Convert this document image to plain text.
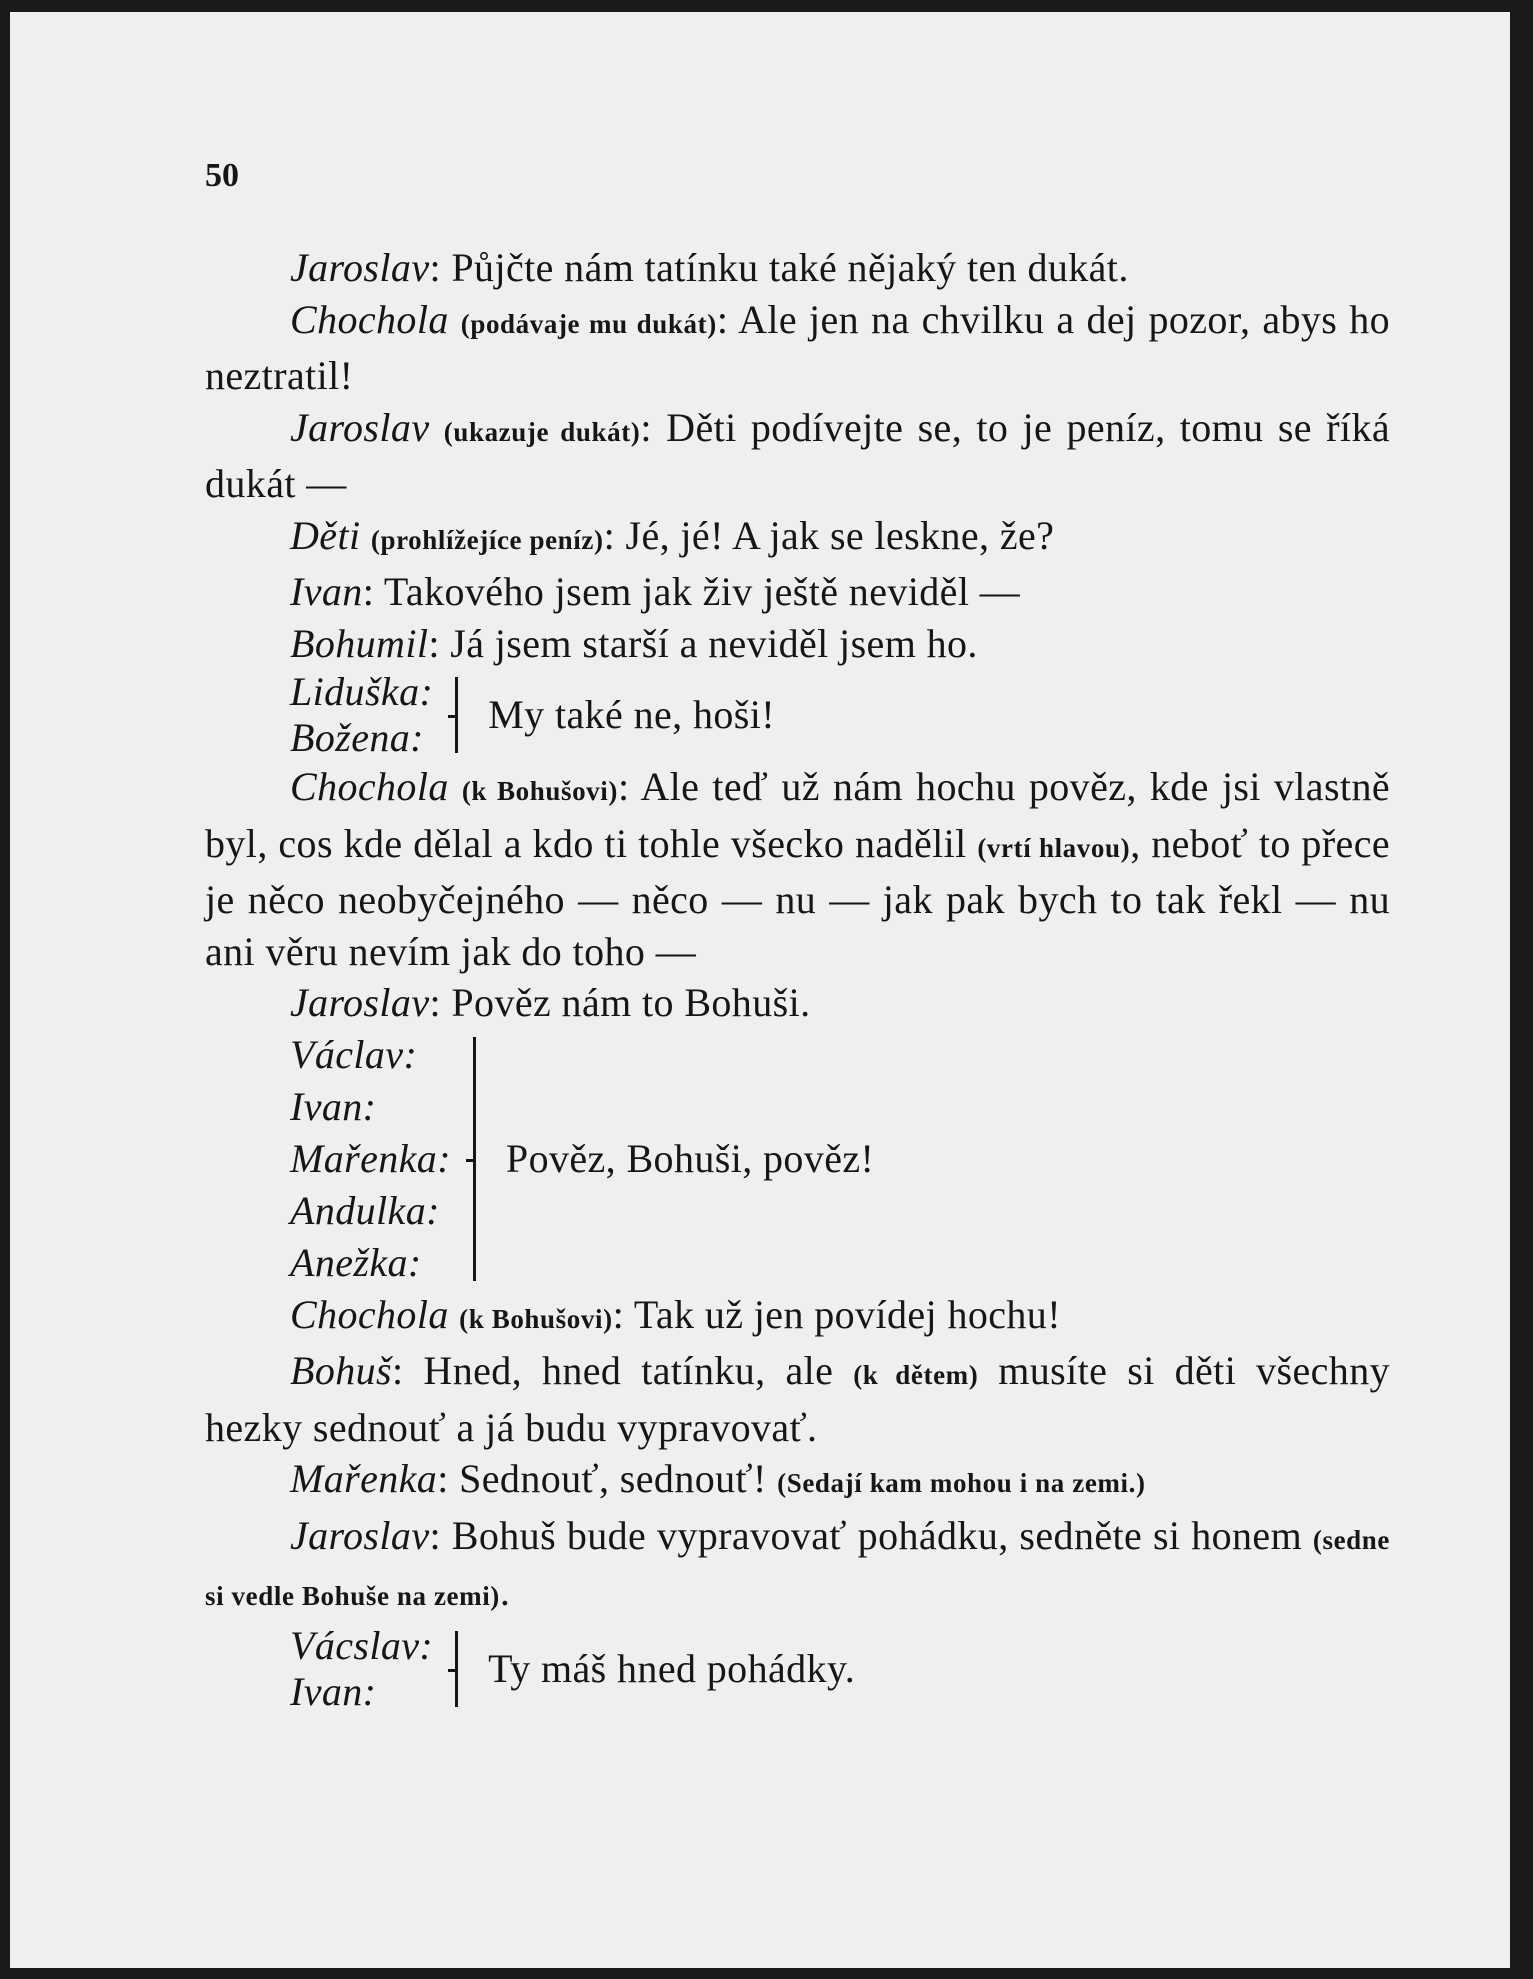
50

Jaroslav: Půjčte nám tatínku také nějaký ten dukát.

Chochola (podávaje mu dukát): Ale jen na chvilku a dej pozor, abys ho neztratil!

Jaroslav (ukazuje dukát): Děti podívejte se, to je peníz, tomu se říká dukát —

Děti (prohlížejíce peníz): Jé, jé! A jak se leskne, že?

Ivan: Takového jsem jak živ ještě neviděl —

Bohumil: Já jsem starší a neviděl jsem ho.

Liduška:
Božena:
My také ne, hoši!

Chochola (k Bohušovi): Ale teď už nám hochu pověz, kde jsi vlastně byl, cos kde dělal a kdo ti tohle všecko nadělil (vrtí hlavou), neboť to přece je něco neobyčejného — něco — nu — jak pak bych to tak řekl — nu ani věru nevím jak do toho —

Jaroslav: Pověz nám to Bohuši.

Václav:
Ivan:
Mařenka:
Andulka:
Anežka:
Pověz, Bohuši, pověz!

Chochola (k Bohušovi): Tak už jen povídej hochu!

Bohuš: Hned, hned tatínku, ale (k dětem) musíte si děti všechny hezky sednouť a já budu vypravovať.

Mařenka: Sednouť, sednouť! (Sedají kam mohou i na zemi.)

Jaroslav: Bohuš bude vypravovať pohádku, sedněte si honem (sedne si vedle Bohuše na zemi).

Vácslav:
Ivan:
Ty máš hned pohádky.
